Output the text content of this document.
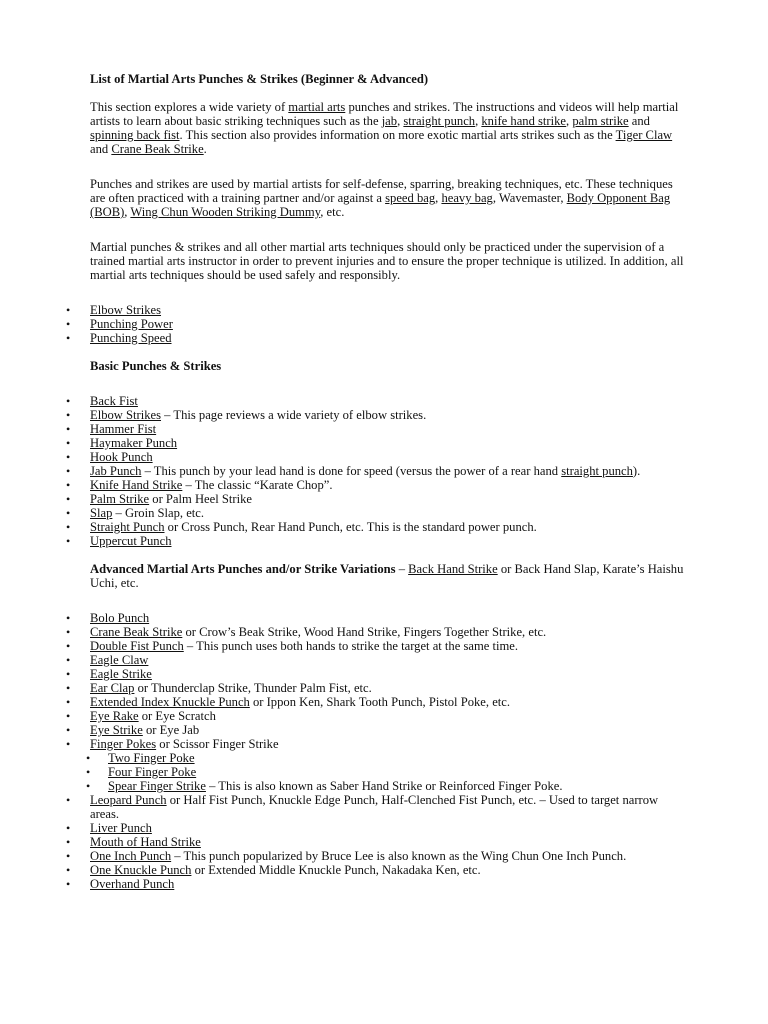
List of Martial Arts Punches & Strikes (Beginner & Advanced)

This section explores a wide variety of martial arts punches and strikes. The instructions and videos will help martial artists to learn about basic striking techniques such as the jab, straight punch, knife hand strike, palm strike and spinning back fist. This section also provides information on more exotic martial arts strikes such as the Tiger Claw and Crane Beak Strike.

Punches and strikes are used by martial artists for self-defense, sparring, breaking techniques, etc. These techniques are often practiced with a training partner and/or against a speed bag, heavy bag, Wavemaster, Body Opponent Bag (BOB), Wing Chun Wooden Striking Dummy, etc.

Martial punches & strikes and all other martial arts techniques should only be practiced under the supervision of a trained martial arts instructor in order to prevent injuries and to ensure the proper technique is utilized. In addition, all martial arts techniques should be used safely and responsibly.

• Elbow Strikes
• Punching Power
• Punching Speed
Basic Punches & Strikes
• Back Fist
• Elbow Strikes – This page reviews a wide variety of elbow strikes.
• Hammer Fist
• Haymaker Punch
• Hook Punch
• Jab Punch – This punch by your lead hand is done for speed (versus the power of a rear hand straight punch).
• Knife Hand Strike – The classic “Karate Chop”.
• Palm Strike or Palm Heel Strike
• Slap – Groin Slap, etc.
• Straight Punch or Cross Punch, Rear Hand Punch, etc. This is the standard power punch.
• Uppercut Punch

Advanced Martial Arts Punches and/or Strike Variations – Back Hand Strike or Back Hand Slap, Karate’s Haishu Uchi, etc.

• Bolo Punch
• Crane Beak Strike or Crow’s Beak Strike, Wood Hand Strike, Fingers Together Strike, etc.
• Double Fist Punch – This punch uses both hands to strike the target at the same time.
• Eagle Claw
• Eagle Strike
• Ear Clap or Thunderclap Strike, Thunder Palm Fist, etc.
• Extended Index Knuckle Punch or Ippon Ken, Shark Tooth Punch, Pistol Poke, etc.
• Eye Rake or Eye Scratch
• Eye Strike or Eye Jab
• Finger Pokes or Scissor Finger Strike
• Two Finger Poke
• Four Finger Poke
• Spear Finger Strike – This is also known as Saber Hand Strike or Reinforced Finger Poke.
• Leopard Punch or Half Fist Punch, Knuckle Edge Punch, Half-Clenched Fist Punch, etc. – Used to target narrow areas.
• Liver Punch
• Mouth of Hand Strike
• One Inch Punch – This punch popularized by Bruce Lee is also known as the Wing Chun One Inch Punch.
• One Knuckle Punch or Extended Middle Knuckle Punch, Nakadaka Ken, etc.
• Overhand Punch
